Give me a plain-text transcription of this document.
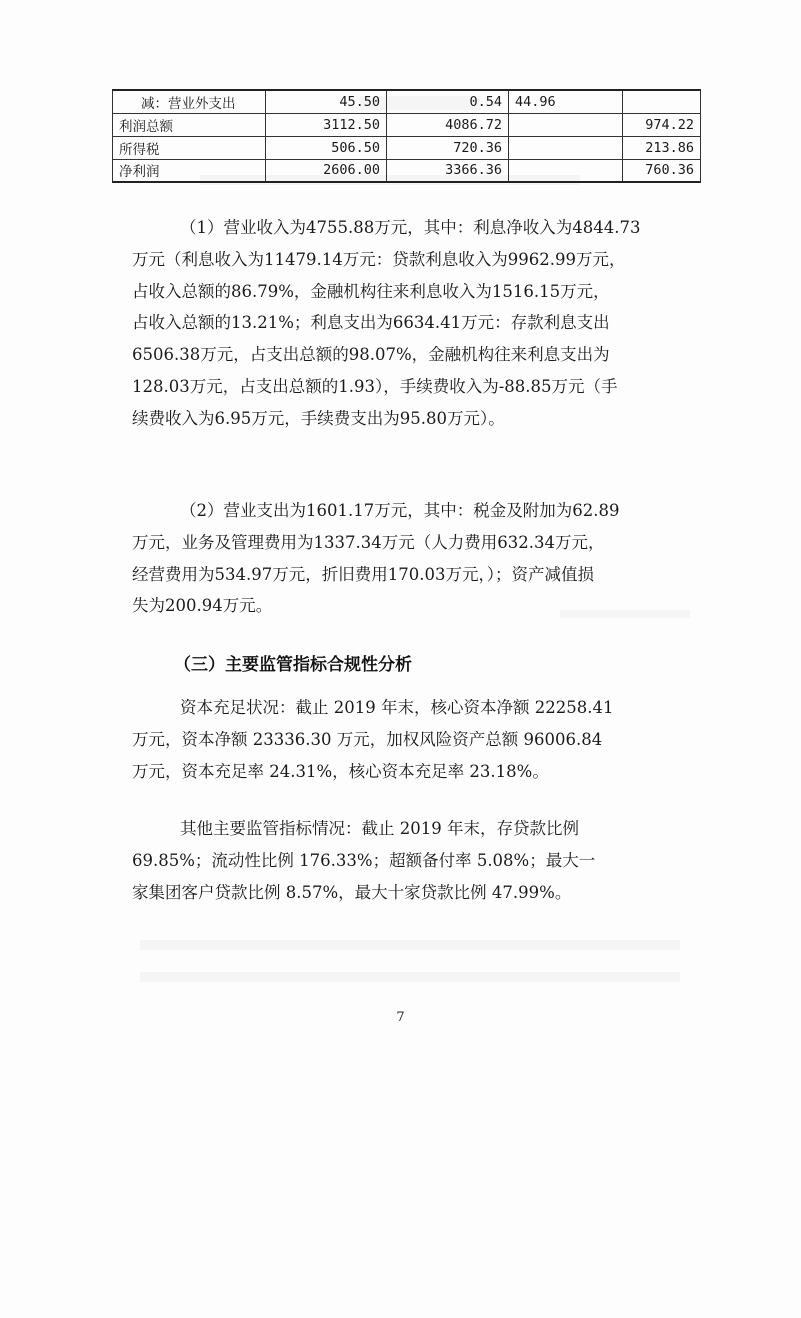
减：营业外支出	45.50	0.54	44.96	
利润总额	3112.50	4086.72		974.22
所得税	506.50	720.36		213.86
净利润	2606.00	3366.36		760.36
（1）营业收入为4755.88万元，其中：利息净收入为4844.73
万元（利息收入为11479.14万元：贷款利息收入为9962.99万元，
占收入总额的86.79%，金融机构往来利息收入为1516.15万元，
占收入总额的13.21%；利息支出为6634.41万元：存款利息支出
6506.38万元，占支出总额的98.07%，金融机构往来利息支出为
128.03万元，占支出总额的1.93），手续费收入为-88.85万元（手
续费收入为6.95万元，手续费支出为95.80万元）。
（2）营业支出为1601.17万元，其中：税金及附加为62.89
万元，业务及管理费用为1337.34万元（人力费用632.34万元，
经营费用为534.97万元，折旧费用170.03万元，）；资产减值损
失为200.94万元。
（三）主要监管指标合规性分析
资本充足状况：截止 2019 年末，核心资本净额 22258.41
万元，资本净额 23336.30 万元，加权风险资产总额 96006.84
万元，资本充足率 24.31%，核心资本充足率 23.18%。
其他主要监管指标情况：截止 2019 年末，存贷款比例
69.85%；流动性比例 176.33%；超额备付率 5.08%；最大一
家集团客户贷款比例 8.57%，最大十家贷款比例 47.99%。
7
